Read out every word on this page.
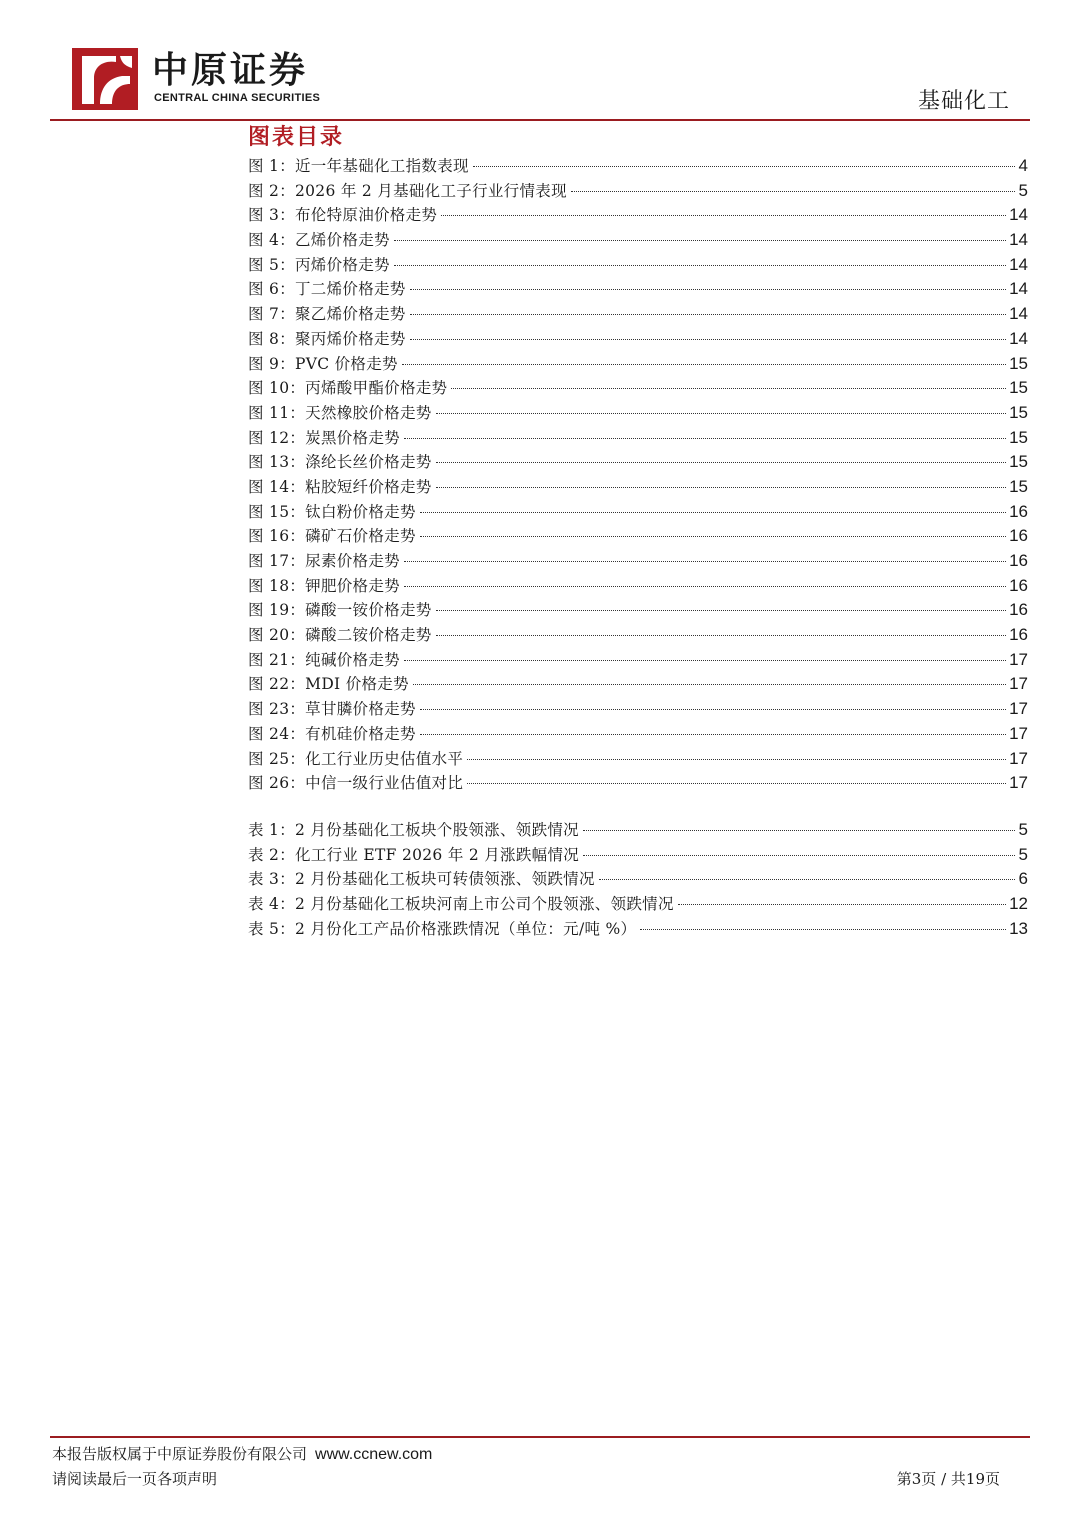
中原证券
CENTRAL CHINA SECURITIES	基础化工
图表目录
图 1：近一年基础化工指数表现	4
图 2：2026 年 2 月基础化工子行业行情表现	5
图 3：布伦特原油价格走势	14
图 4：乙烯价格走势	14
图 5：丙烯价格走势	14
图 6：丁二烯价格走势	14
图 7：聚乙烯价格走势	14
图 8：聚丙烯价格走势	14
图 9：PVC 价格走势	15
图 10：丙烯酸甲酯价格走势	15
图 11：天然橡胶价格走势	15
图 12：炭黑价格走势	15
图 13：涤纶长丝价格走势	15
图 14：粘胶短纤价格走势	15
图 15：钛白粉价格走势	16
图 16：磷矿石价格走势	16
图 17：尿素价格走势	16
图 18：钾肥价格走势	16
图 19：磷酸一铵价格走势	16
图 20：磷酸二铵价格走势	16
图 21：纯碱价格走势	17
图 22：MDI 价格走势	17
图 23：草甘膦价格走势	17
图 24：有机硅价格走势	17
图 25：化工行业历史估值水平	17
图 26：中信一级行业估值对比	17
表 1：2 月份基础化工板块个股领涨、领跌情况	5
表 2：化工行业 ETF 2026 年 2 月涨跌幅情况	5
表 3：2 月份基础化工板块可转债领涨、领跌情况	6
表 4：2 月份基础化工板块河南上市公司个股领涨、领跌情况	12
表 5：2 月份化工产品价格涨跌情况（单位：元/吨 %）	13
本报告版权属于中原证券股份有限公司 www.ccnew.com
请阅读最后一页各项声明	第3页 / 共19页
